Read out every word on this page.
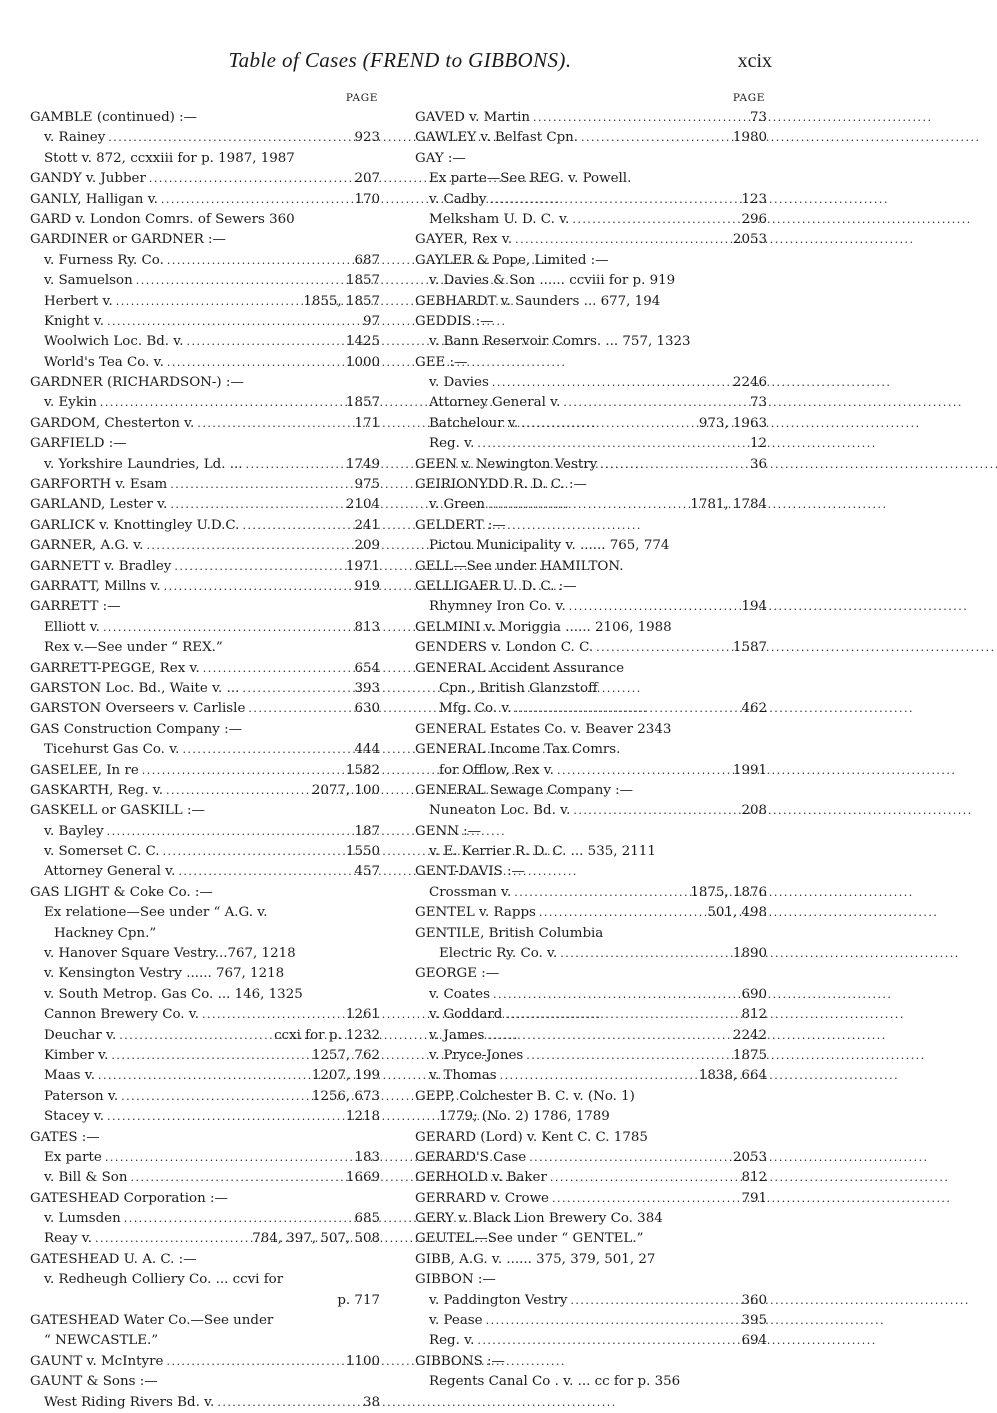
Table of Cases (FREND to GIBBONS).	xcix
PAGE
GAMBLE (continued) :—
v. Rainey . . .	923
Stott v. 872, ccxxiii for p. 1987, 1987
GANDY v. Jubber . . .	207
GANLY, Halligan v. . . .	170
GARD v. London Comrs. of Sewers 360
GARDINER or GARDNER :—
v. Furness Ry. Co. . . .	687
v. Samuelson . . .	1857
Herbert v. . . .	1855, 1857
Knight v. . . .	97
Woolwich Loc. Bd. v. . . .	1425
World's Tea Co. v. . . .	1000
GARDNER (RICHARDSON-) :—
v. Eykin . . .	1857
GARDOM, Chesterton v. . . .	171
GARFIELD :—
v. Yorkshire Laundries, Ld. ... . . .	1749
GARFORTH v. Esam . . .	975
GARLAND, Lester v. . . .	2104
GARLICK v. Knottingley U.D.C. . . .	241
GARNER, A.G. v. . . .	209
GARNETT v. Bradley . . .	1971
GARRATT, Millns v. . . .	919
GARRETT :—
Elliott v. . . .	813
Rex v.—See under “ REX.”
GARRETT-PEGGE, Rex v. . . .	654
GARSTON Loc. Bd., Waite v. ... . . .	393
GARSTON Overseers v. Carlisle . . .	630
GAS Construction Company :—
Ticehurst Gas Co. v. . . .	444
GASELEE, In re . . .	1582
GASKARTH, Reg. v. . . .	2077, 100
GASKELL or GASKILL :—
v. Bayley . . .	187
v. Somerset C. C. . . .	1550
Attorney General v. . . .	457
GAS LIGHT & Coke Co. :—
Ex relatione—See under “ A.G. v.
Hackney Cpn.”
v. Hanover Square Vestry...767, 1218
v. Kensington Vestry ...... 767, 1218
v. South Metrop. Gas Co. ... 146, 1325
Cannon Brewery Co. v. . . .	1261
Deuchar v. . . .	ccxi for p. 1232
Kimber v. . . .	1257, 762
Maas v. . . .	1207, 199
Paterson v. . . .	1256, 673
Stacey v. . . .	1218
GATES :—
Ex parte . . .	183
v. Bill & Son . . .	1669
GATESHEAD Corporation :—
v. Lumsden . . .	685
Reay v. . . .	784, 397, 507, 508
GATESHEAD U. A. C. :—
v. Redheugh Colliery Co. ... ccvi for
p. 717
GATESHEAD Water Co.—See under
“ NEWCASTLE.”
GAUNT v. McIntyre . . .	1100
GAUNT & Sons :—
West Riding Rivers Bd. v. . . .	38
PAGE
GAVED v. Martin . . .	73
GAWLEY v. Belfast Cpn. . . .	1980
GAY :—
Ex parte—See REG. v. Powell.
v. Cadby . . .	123
Melksham U. D. C. v. . . .	296
GAYER, Rex v. . . .	2053
GAYLER & Pope, Limited :—
v. Davies & Son ...... ccviii for p. 919
GEBHARDT v. Saunders ... 677, 194
GEDDIS :—
v. Bann Reservoir Comrs. ... 757, 1323
GEE :—
v. Davies . . .	2246
Attorney General v. . . .	73
Batchelour v. . . .	973, 1963
Reg. v. . . .	12
GEEN v. Newington Vestry . . .	36
GEIRIONYDD R. D. C. :—
v. Green . . .	1781, 1784
GELDERT :—
Pictou Municipality v. ...... 765, 774
GELL—See under HAMILTON.
GELLIGAER U. D. C. :—
Rhymney Iron Co. v. . . .	194
GELMINI v. Moriggia ...... 2106, 1988
GENDERS v. London C. C. . . .	1587
GENERAL Accident Assurance
Cpn., British Glanzstoff
Mfg. Co. v. . . .	462
GENERAL Estates Co. v. Beaver 2343
GENERAL Income Tax Comrs.
for Offlow, Rex v. . . .	1991
GENERAL Sewage Company :—
Nuneaton Loc. Bd. v. . . .	208
GENN :—
v. E. Kerrier R. D. C. ... 535, 2111
GENT-DAVIS :—
Crossman v. . . .	1875, 1876
GENTEL v. Rapps . . .	501, 498
GENTILE, British Columbia
Electric Ry. Co. v. . . .	1890
GEORGE :—
v. Coates . . .	690
v. Goddard . . .	812
v. James . . .	2242
v. Pryce-Jones . . .	1875
v. Thomas . . .	1838, 664
GEPP, Colchester B. C. v. (No. 1)
1779; (No. 2) 1786, 1789
GERARD (Lord) v. Kent C. C. 1785
GERARD'S Case . . .	2053
GERHOLD v. Baker . . .	812
GERRARD v. Crowe . . .	791
GERY v. Black Lion Brewery Co. 384
GEUTEL—See under “ GENTEL.”
GIBB, A.G. v. ...... 375, 379, 501, 27
GIBBON :—
v. Paddington Vestry . . .	360
v. Pease . . .	395
Reg. v. . . .	694
GIBBONS :—
Regents Canal Co . v. ... cc for p. 356
